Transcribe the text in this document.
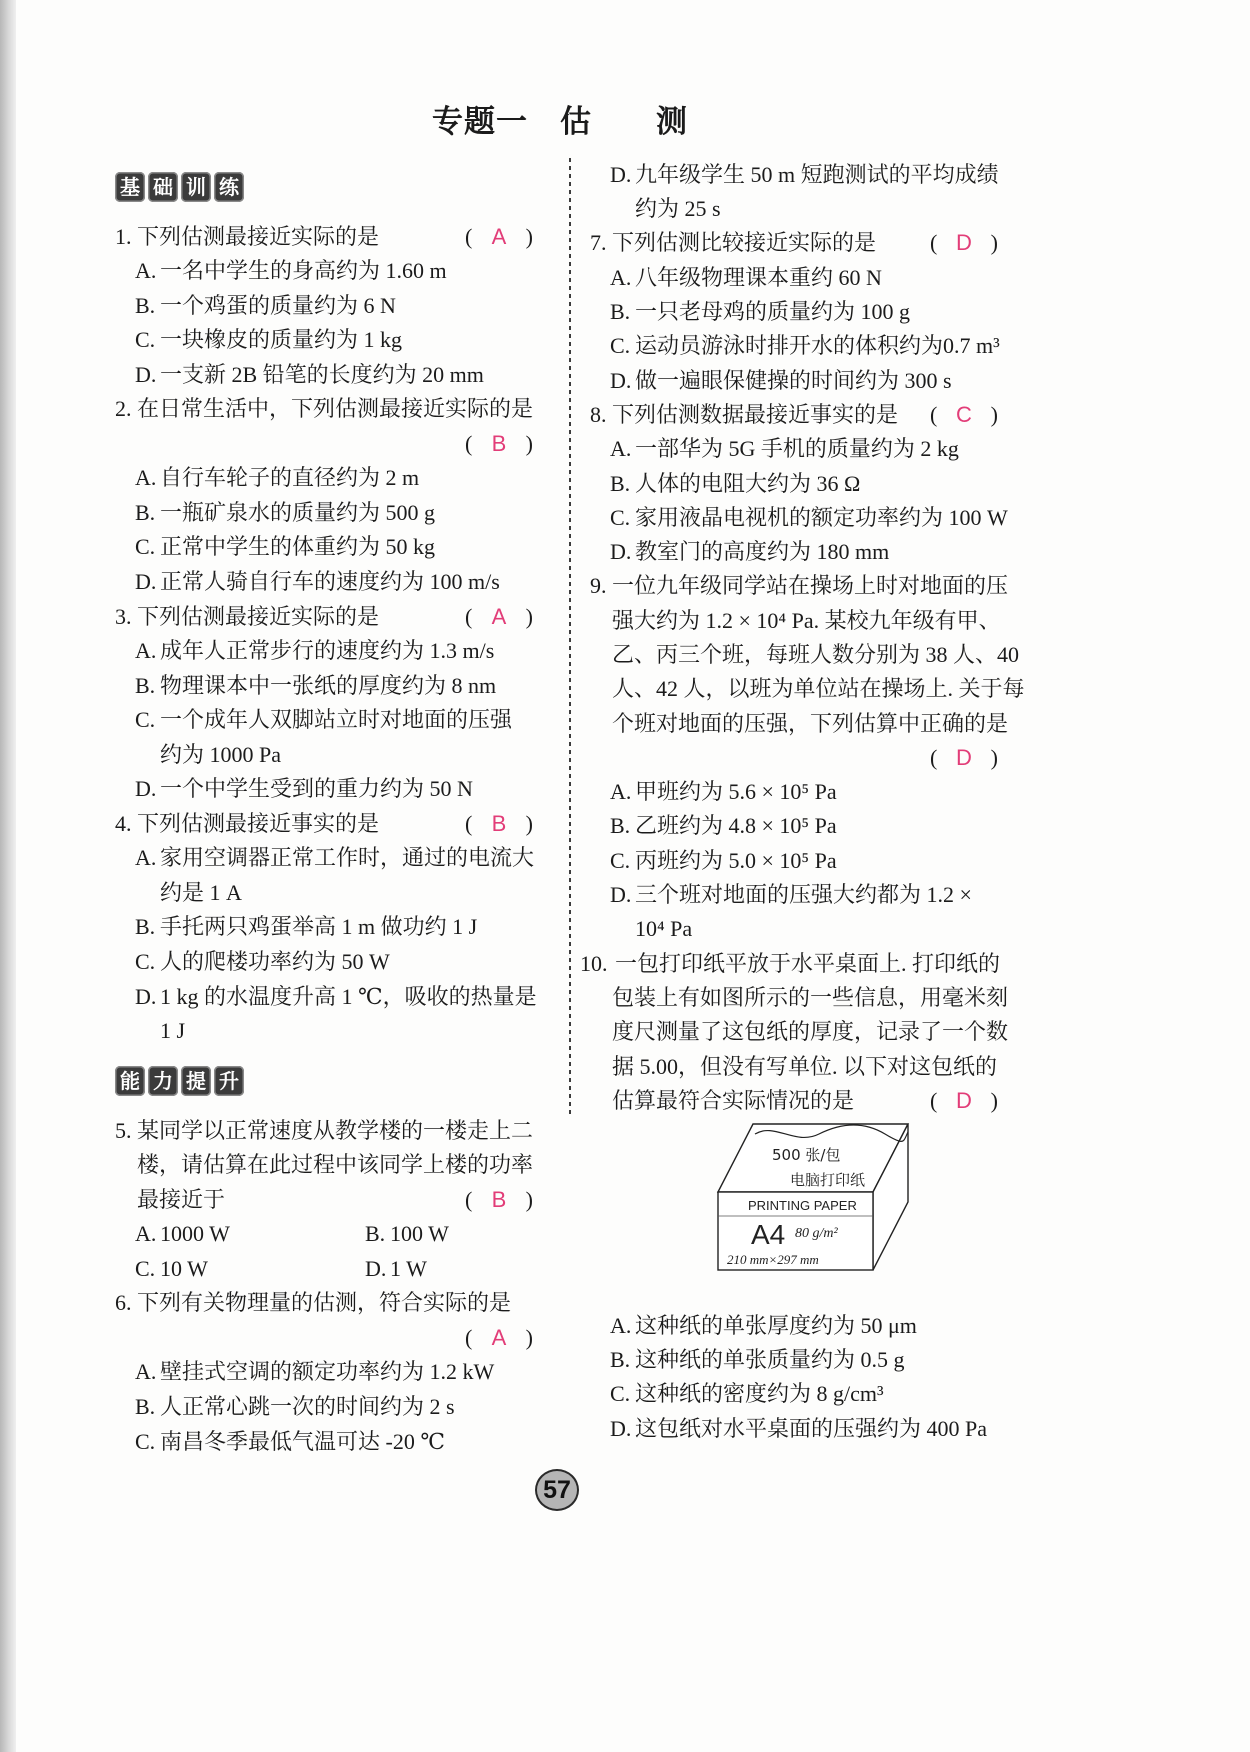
专题一　估　　测
基 础 训 练
1. 下列估测最接近实际的是	( A )
A. 一名中学生的身高约为 1.60 m
B. 一个鸡蛋的质量约为 6 N
C. 一块橡皮的质量约为 1 kg
D. 一支新 2B 铅笔的长度约为 20 mm
2. 在日常生活中，下列估测最接近实际的是
( B )
A. 自行车轮子的直径约为 2 m
B. 一瓶矿泉水的质量约为 500 g
C. 正常中学生的体重约为 50 kg
D. 正常人骑自行车的速度约为 100 m/s
3. 下列估测最接近实际的是	( A )
A. 成年人正常步行的速度约为 1.3 m/s
B. 物理课本中一张纸的厚度约为 8 nm
C. 一个成年人双脚站立时对地面的压强
约为 1000 Pa
D. 一个中学生受到的重力约为 50 N
4. 下列估测最接近事实的是	( B )
A. 家用空调器正常工作时，通过的电流大
约是 1 A
B. 手托两只鸡蛋举高 1 m 做功约 1 J
C. 人的爬楼功率约为 50 W
D. 1 kg 的水温度升高 1 ℃，吸收的热量是
1 J
能 力 提 升
5. 某同学以正常速度从教学楼的一楼走上二
楼，请估算在此过程中该同学上楼的功率
最接近于	( B )
A. 1000 W	B. 100 W
C. 10 W	D. 1 W
6. 下列有关物理量的估测，符合实际的是
( A )
A. 壁挂式空调的额定功率约为 1.2 kW
B. 人正常心跳一次的时间约为 2 s
C. 南昌冬季最低气温可达 -20 ℃
D. 九年级学生 50 m 短跑测试的平均成绩
约为 25 s
7. 下列估测比较接近实际的是 ( D )
A. 八年级物理课本重约 60 N
B. 一只老母鸡的质量约为 100 g
C. 运动员游泳时排开水的体积约为0.7 m³
D. 做一遍眼保健操的时间约为 300 s
8. 下列估测数据最接近事实的是 ( C )
A. 一部华为 5G 手机的质量约为 2 kg
B. 人体的电阻大约为 36 Ω
C. 家用液晶电视机的额定功率约为 100 W
D. 教室门的高度约为 180 mm
9. 一位九年级同学站在操场上时对地面的压
强大约为 1.2 × 10⁴ Pa. 某校九年级有甲、
乙、丙三个班，每班人数分别为 38 人、40
人、42 人，以班为单位站在操场上. 关于每
个班对地面的压强，下列估算中正确的是
( D )
A. 甲班约为 5.6 × 10⁵ Pa
B. 乙班约为 4.8 × 10⁵ Pa
C. 丙班约为 5.0 × 10⁵ Pa
D. 三个班对地面的压强大约都为 1.2 ×
10⁴ Pa
10. 一包打印纸平放于水平桌面上. 打印纸的
包装上有如图所示的一些信息，用毫米刻
度尺测量了这包纸的厚度，记录了一个数
据 5.00，但没有写单位. 以下对这包纸的
估算最符合实际情况的是	( D )
500 张/包
电脑打印纸
PRINTING PAPER
A4 80 g/m²
210 mm×297 mm
A. 这种纸的单张厚度约为 50 μm
B. 这种纸的单张质量约为 0.5 g
C. 这种纸的密度约为 8 g/cm³
D. 这包纸对水平桌面的压强约为 400 Pa
57
